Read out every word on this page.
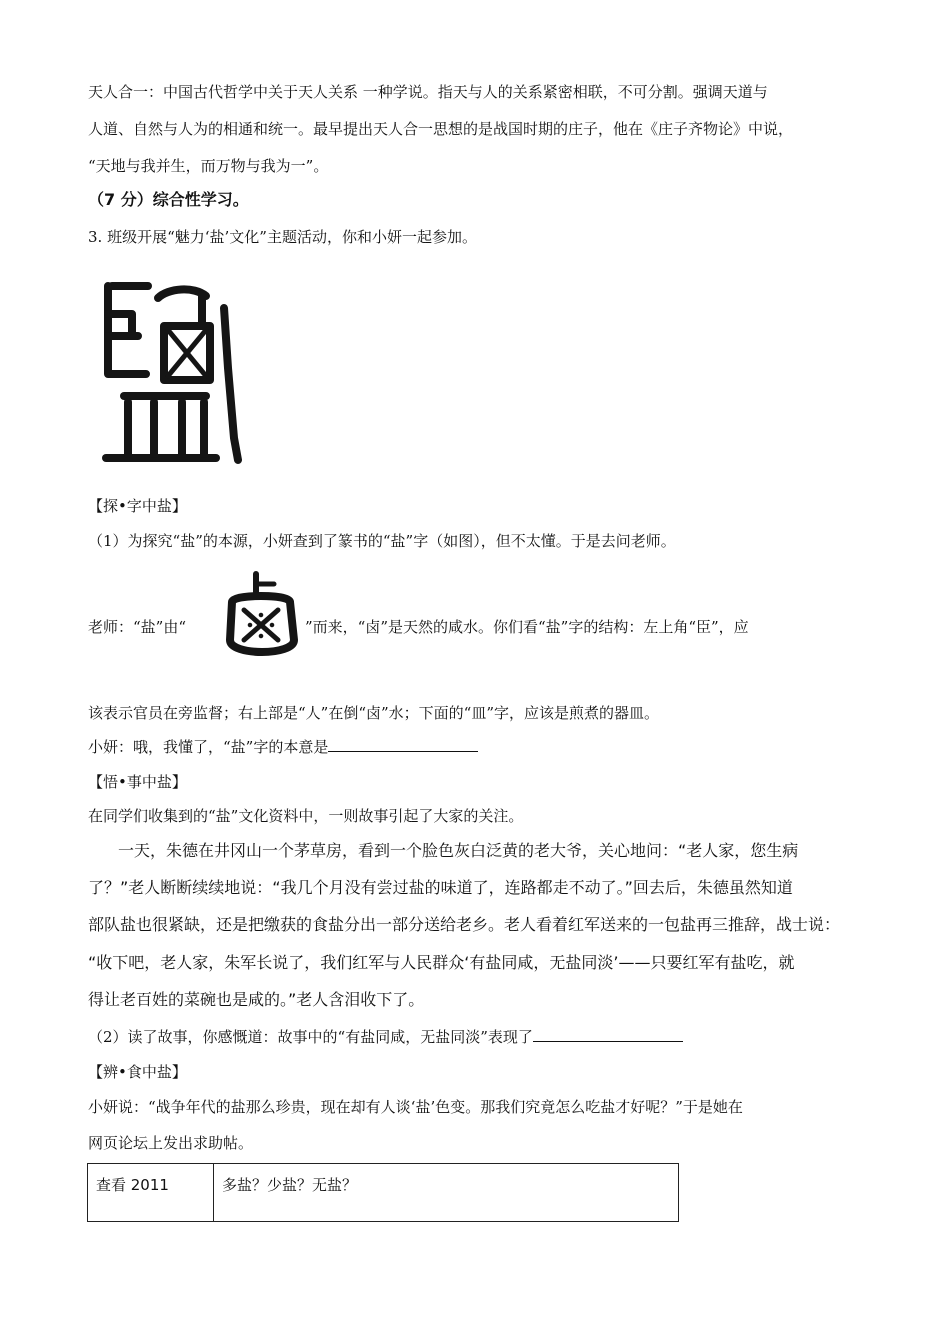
天人合一：中国古代哲学中关于天人关系 一种学说。指天与人的关系紧密相联，不可分割。强调天道与
人道、自然与人为的相通和统一。最早提出天人合一思想的是战国时期的庄子，他在《庄子齐物论》中说，
“天地与我并生，而万物与我为一”。
（7 分）综合性学习。
3. 班级开展“魅力‘盐’文化”主题活动，你和小妍一起参加。
【探•字中盐】
（1）为探究“盐”的本源，小妍查到了篆书的“盐”字（如图），但不太懂。于是去问老师。
老师：“盐”由“	”而来，“卤”是天然的咸水。你们看“盐”字的结构：左上角“臣”，应
该表示官员在旁监督；右上部是“人”在倒“卤”水；下面的“皿”字，应该是煎煮的器皿。
小妍：哦，我懂了，“盐”字的本意是
【悟•事中盐】
在同学们收集到的“盐”文化资料中，一则故事引起了大家的关注。
一天，朱德在井冈山一个茅草房，看到一个脸色灰白泛黄的老大爷，关心地问：“老人家，您生病
了？”老人断断续续地说：“我几个月没有尝过盐的味道了，连路都走不动了。”回去后，朱德虽然知道
部队盐也很紧缺，还是把缴获的食盐分出一部分送给老乡。老人看着红军送来的一包盐再三推辞，战士说：
“收下吧，老人家，朱军长说了，我们红军与人民群众‘有盐同咸，无盐同淡’——只要红军有盐吃，就
得让老百姓的菜碗也是咸的。”老人含泪收下了。
（2）读了故事，你感慨道：故事中的“有盐同咸，无盐同淡”表现了
【辨•食中盐】
小妍说：“战争年代的盐那么珍贵，现在却有人谈‘盐’色变。那我们究竟怎么吃盐才好呢？”于是她在
网页论坛上发出求助帖。
查看 2011	多盐？少盐？无盐？
